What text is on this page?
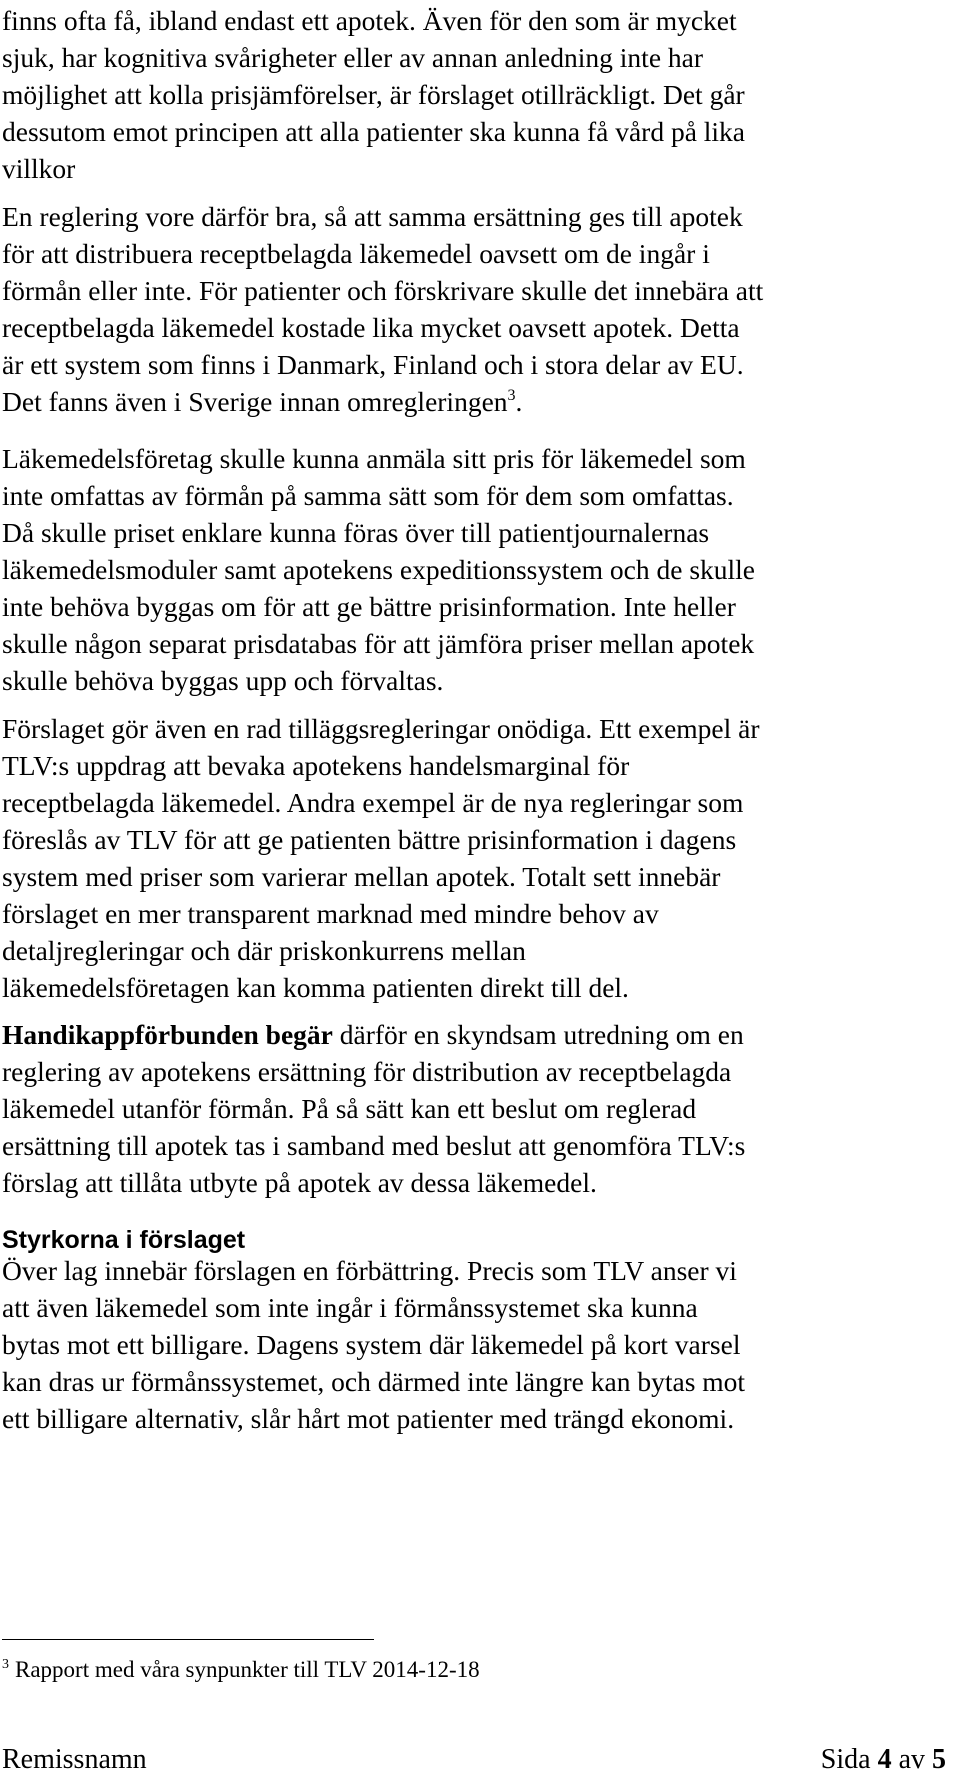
finns ofta få, ibland endast ett apotek. Även för den som är mycket
sjuk, har kognitiva svårigheter eller av annan anledning inte har
möjlighet att kolla prisjämförelser, är förslaget otillräckligt. Det går
dessutom emot principen att alla patienter ska kunna få vård på lika
villkor
En reglering vore därför bra, så att samma ersättning ges till apotek
för att distribuera receptbelagda läkemedel oavsett om de ingår i
förmån eller inte. För patienter och förskrivare skulle det innebära att
receptbelagda läkemedel kostade lika mycket oavsett apotek. Detta
är ett system som finns i Danmark, Finland och i stora delar av EU.
Det fanns även i Sverige innan omregleringen$^3$.
Läkemedelsföretag skulle kunna anmäla sitt pris för läkemedel som
inte omfattas av förmån på samma sätt som för dem som omfattas.
Då skulle priset enklare kunna föras över till patientjournalernas
läkemedelsmoduler samt apotekens expeditionssystem och de skulle
inte behöva byggas om för att ge bättre prisinformation. Inte heller
skulle någon separat prisdatabas för att jämföra priser mellan apotek
skulle behöva byggas upp och förvaltas.
Förslaget gör även en rad tilläggsregleringar onödiga. Ett exempel är
TLV:s uppdrag att bevaka apotekens handelsmarginal för
receptbelagda läkemedel. Andra exempel är de nya regleringar som
föreslås av TLV för att ge patienten bättre prisinformation i dagens
system med priser som varierar mellan apotek. Totalt sett innebär
förslaget en mer transparent marknad med mindre behov av
detaljregleringar och där priskonkurrens mellan
läkemedelsföretagen kan komma patienten direkt till del.
Handikappförbunden begär därför en skyndsam utredning om en
reglering av apotekens ersättning för distribution av receptbelagda
läkemedel utanför förmån. På så sätt kan ett beslut om reglerad
ersättning till apotek tas i samband med beslut att genomföra TLV:s
förslag att tillåta utbyte på apotek av dessa läkemedel.
Styrkorna i förslaget
Över lag innebär förslagen en förbättring. Precis som TLV anser vi
att även läkemedel som inte ingår i förmånssystemet ska kunna
bytas mot ett billigare. Dagens system där läkemedel på kort varsel
kan dras ur förmånssystemet, och därmed inte längre kan bytas mot
ett billigare alternativ, slår hårt mot patienter med trängd ekonomi.
$^3$ Rapport med våra synpunkter till TLV 2014-12-18
Remissnamn	Sida 4 av 5
